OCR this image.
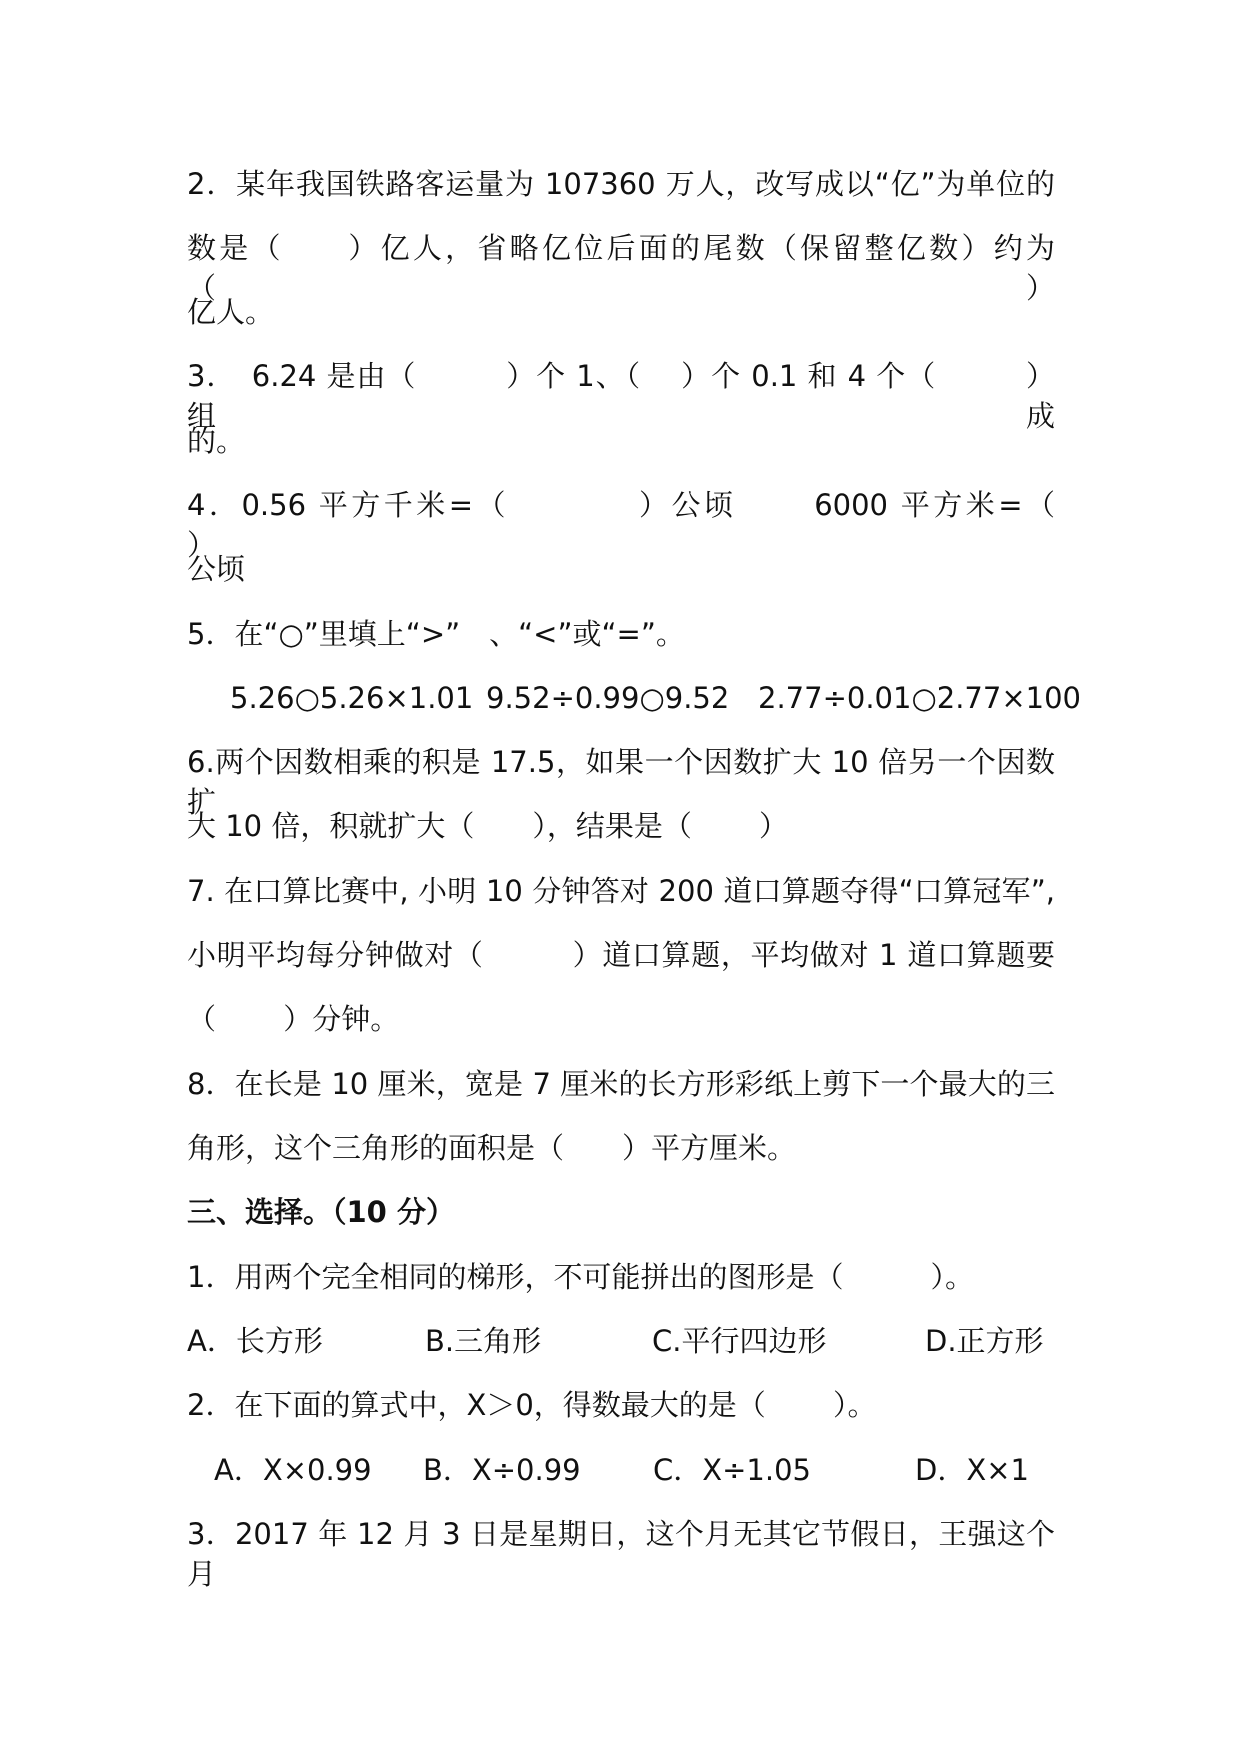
2．某年我国铁路客运量为 107360 万人，改写成以“亿”为单位的
数是（　　）亿人，省略亿位后面的尾数（保留整亿数）约为（　　）
亿人。
3．　6.24 是由（　　　）个 1、（　 ）个 0.1 和 4 个（　　　）组成
的。
4．0.56 平方千米=（　　　　）公顷　　 6000 平方米=（　　　　　 ）
公顷
5．在“○”里填上“>”　、“<”或“=”。
5.26○5.26×1.01 9.52÷0.99○9.52 2.77÷0.01○2.77×100
6.两个因数相乘的积是 17.5，如果一个因数扩大 10 倍另一个因数扩
大 10 倍，积就扩大（　　），结果是（　　 ）
7. 在口算比赛中, 小明 10 分钟答对 200 道口算题夺得“口算冠军”,
小明平均每分钟做对（　　　）道口算题，平均做对 1 道口算题要
（　　 ）分钟。
8．在长是 10 厘米，宽是 7 厘米的长方形彩纸上剪下一个最大的三
角形，这个三角形的面积是（　　）平方厘米。
三、选择。（10 分）
1．用两个完全相同的梯形，不可能拼出的图形是（　　　）。
A．长方形	B.三角形	C.平行四边形	D.正方形
2．在下面的算式中，X＞0，得数最大的是（　　 ）。
A．X×0.99 B．X÷0.99 C．X÷1.05	D．X×1
3．2017 年 12 月 3 日是星期日，这个月无其它节假日，王强这个月
